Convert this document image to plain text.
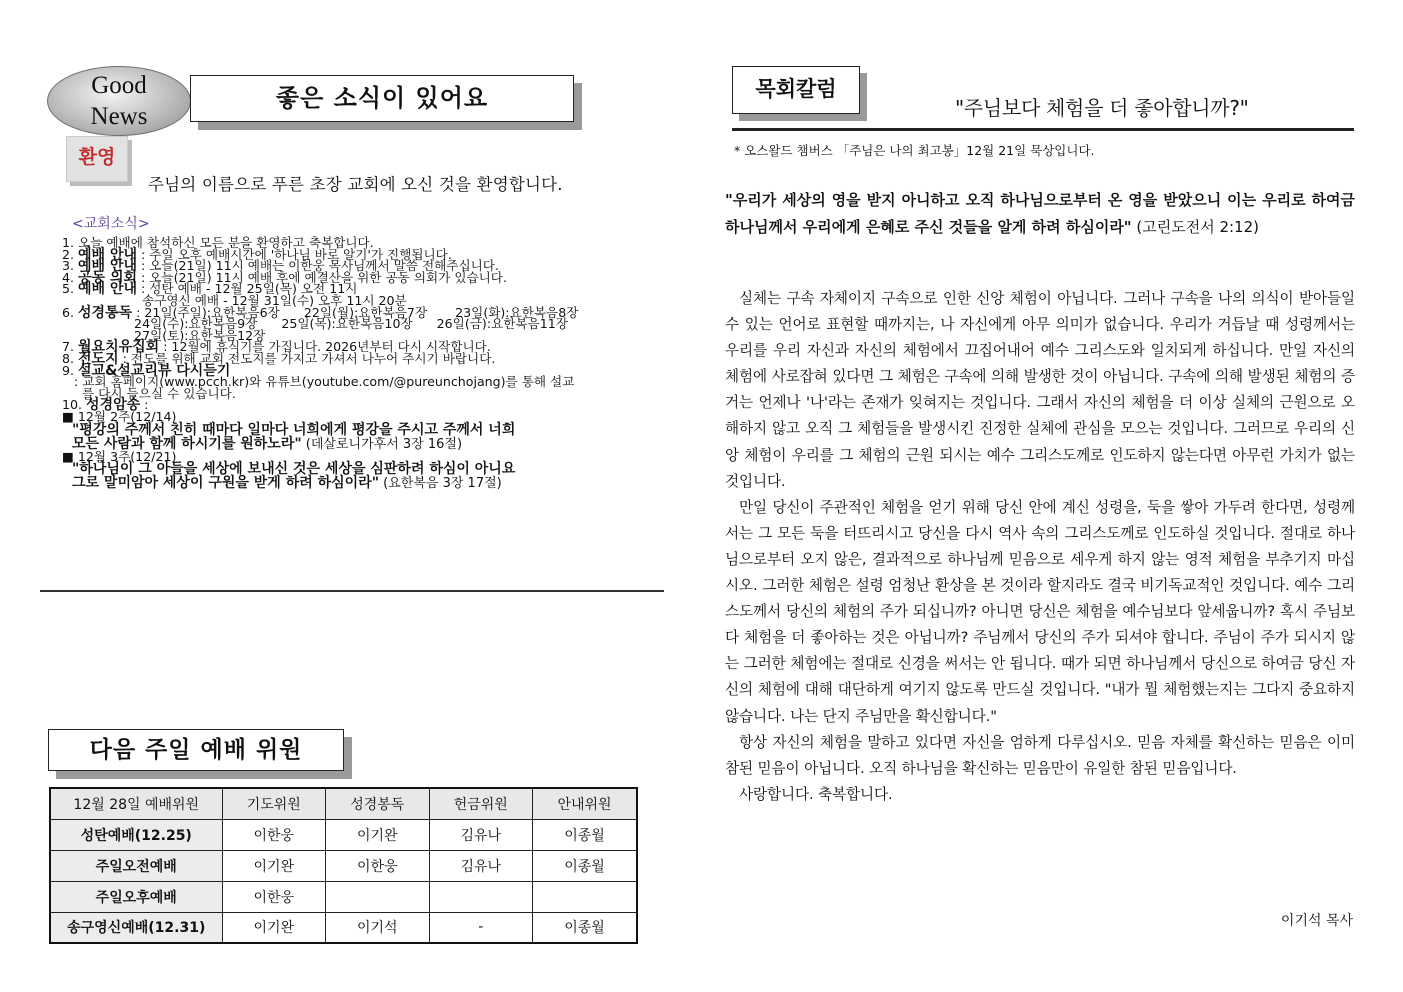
Good
News
좋은 소식이 있어요
환영
주님의 이름으로 푸른 초장 교회에 오신 것을 환영합니다.
<교회소식>
1. 오늘 예배에 참석하신 모든 분을 환영하고 축복합니다.
2. 예배 안내 : 주일 오후 예배시간에 '하나님 바로 알기'가 진행됩니다.
3. 예배 안내 : 오늘(21일) 11시 예배는 이한웅 목사님께서 말씀 전해주십니다.
4. 공동 의회 : 오늘(21일) 11시 예배 후에 예결산을 위한 공동 의회가 있습니다.
5. 예배 안내 : 성탄 예배 - 12월 25일(목) 오전 11시
송구영신 예배 - 12월 31일(수) 오후 11시 20분
6. 성경통독 : 21일(주일):요한복음6장      22일(월):요한복음7장       23일(화):요한복음8장
24일(수):요한복음9장      25일(목):요한복음10장      26일(금):요한복음11장
27일(토):요한복음12장
7. 월요치유집회 : 12월에 휴식기를 가집니다. 2026년부터 다시 시작합니다.
8. 전도지 : 전도를 위해 교회 전도지를 가지고 가셔서 나누어 주시기 바랍니다.
9. 설교&설교리뷰 다시듣기
: 교회 홈페이지(www.pcch.kr)와 유튜브(youtube.com/@pureunchojang)를 통해 설교
를 다시 들으실 수 있습니다.
10. 성경암송 :
■ 12월 2주(12/14)
"평강의 주께서 친히 때마다 일마다 너희에게 평강을 주시고 주께서 너희
모든 사람과 함께 하시기를 원하노라" (데살로니가후서 3장 16절)
■ 12월 3주(12/21)
"하나님이 그 아들을 세상에 보내신 것은 세상을 심판하려 하심이 아니요
그로 말미암아 세상이 구원을 받게 하려 하심이라" (요한복음 3장 17절)
다음 주일 예배 위원
12월 28일 예배위원	기도위원	성경봉독	헌금위원	안내위원
성탄예배(12.25)	이한웅	이기완	김유나	이종월
주일오전예배	이기완	이한웅	김유나	이종월
주일오후예배	이한웅			
송구영신예배(12.31)	이기완	이기석	-	이종월
목회칼럼
"주님보다 체험을 더 좋아합니까?"
* 오스왈드 챔버스 「주님은 나의 최고봉」12월 21일 묵상입니다.
"우리가 세상의 영을 받지 아니하고 오직 하나님으로부터 온 영을 받았으니 이는 우리로 하여금 하나님께서 우리에게 은혜로 주신 것들을 알게 하려 하심이라" (고린도전서 2:12)

실체는 구속 자체이지 구속으로 인한 신앙 체험이 아닙니다. 그러나 구속을 나의 의식이 받아들일 수 있는 언어로 표현할 때까지는, 나 자신에게 아무 의미가 없습니다. 우리가 거듭날 때 성령께서는 우리를 우리 자신과 자신의 체험에서 끄집어내어 예수 그리스도와 일치되게 하십니다. 만일 자신의 체험에 사로잡혀 있다면 그 체험은 구속에 의해 발생한 것이 아닙니다. 구속에 의해 발생된 체험의 증거는 언제나 '나'라는 존재가 잊혀지는 것입니다. 그래서 자신의 체험을 더 이상 실체의 근원으로 오해하지 않고 오직 그 체험들을 발생시킨 진정한 실체에 관심을 모으는 것입니다. 그러므로 우리의 신앙 체험이 우리를 그 체험의 근원 되시는 예수 그리스도께로 인도하지 않는다면 아무런 가치가 없는 것입니다.

만일 당신이 주관적인 체험을 얻기 위해 당신 안에 계신 성령을, 둑을 쌓아 가두려 한다면, 성령께서는 그 모든 둑을 터뜨리시고 당신을 다시 역사 속의 그리스도께로 인도하실 것입니다. 절대로 하나님으로부터 오지 않은, 결과적으로 하나님께 믿음으로 세우게 하지 않는 영적 체험을 부추기지 마십시오. 그러한 체험은 설령 엄청난 환상을 본 것이라 할지라도 결국 비기독교적인 것입니다. 예수 그리스도께서 당신의 체험의 주가 되십니까? 아니면 당신은 체험을 예수님보다 앞세웁니까? 혹시 주님보다 체험을 더 좋아하는 것은 아닙니까? 주님께서 당신의 주가 되셔야 합니다. 주님이 주가 되시지 않는 그러한 체험에는 절대로 신경을 써서는 안 됩니다. 때가 되면 하나님께서 당신으로 하여금 당신 자신의 체험에 대해 대단하게 여기지 않도록 만드실 것입니다. "내가 뭘 체험했는지는 그다지 중요하지 않습니다. 나는 단지 주님만을 확신합니다."

항상 자신의 체험을 말하고 있다면 자신을 엄하게 다루십시오. 믿음 자체를 확신하는 믿음은 이미 참된 믿음이 아닙니다. 오직 하나님을 확신하는 믿음만이 유일한 참된 믿음입니다.

사랑합니다. 축복합니다.

이기석 목사
